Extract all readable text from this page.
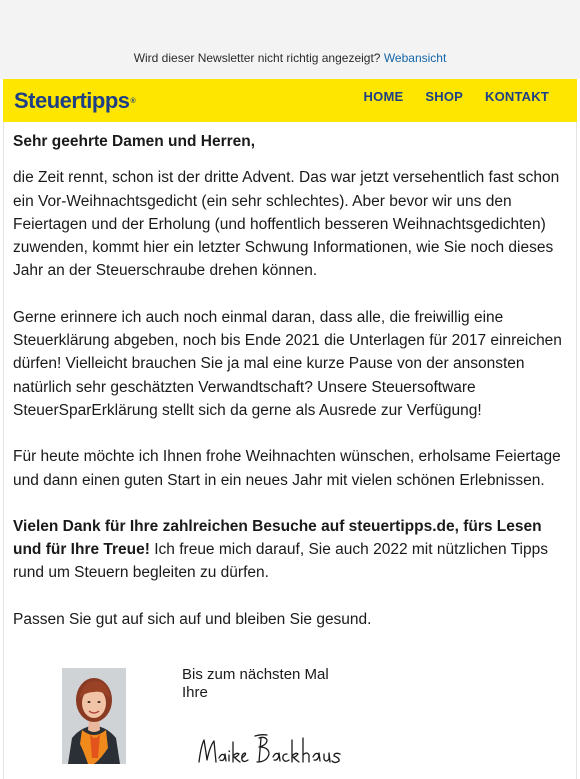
Wird dieser Newsletter nicht richtig angezeigt? Webansicht
Steuertipps®	HOME SHOP KONTAKT

Sehr geehrte Damen und Herren,

die Zeit rennt, schon ist der dritte Advent. Das war jetzt versehentlich fast schon ein Vor-Weihnachtsgedicht (ein sehr schlechtes). Aber bevor wir uns den Feiertagen und der Erholung (und hoffentlich besseren Weihnachtsgedichten) zuwenden, kommt hier ein letzter Schwung Informationen, wie Sie noch dieses Jahr an der Steuerschraube drehen können.

Gerne erinnere ich auch noch einmal daran, dass alle, die freiwillig eine Steuerklärung abgeben, noch bis Ende 2021 die Unterlagen für 2017 einreichen dürfen! Vielleicht brauchen Sie ja mal eine kurze Pause von der ansonsten natürlich sehr geschätzten Verwandtschaft? Unsere Steuersoftware SteuerSparErklärung stellt sich da gerne als Ausrede zur Verfügung!

Für heute möchte ich Ihnen frohe Weihnachten wünschen, erholsame Feiertage und dann einen guten Start in ein neues Jahr mit vielen schönen Erlebnissen.

Vielen Dank für Ihre zahlreichen Besuche auf steuertipps.de, fürs Lesen und für Ihre Treue! Ich freue mich darauf, Sie auch 2022 mit nützlichen Tipps rund um Steuern begleiten zu dürfen.

Passen Sie gut auf sich auf und bleiben Sie gesund.

Bis zum nächsten Mal
Ihre
